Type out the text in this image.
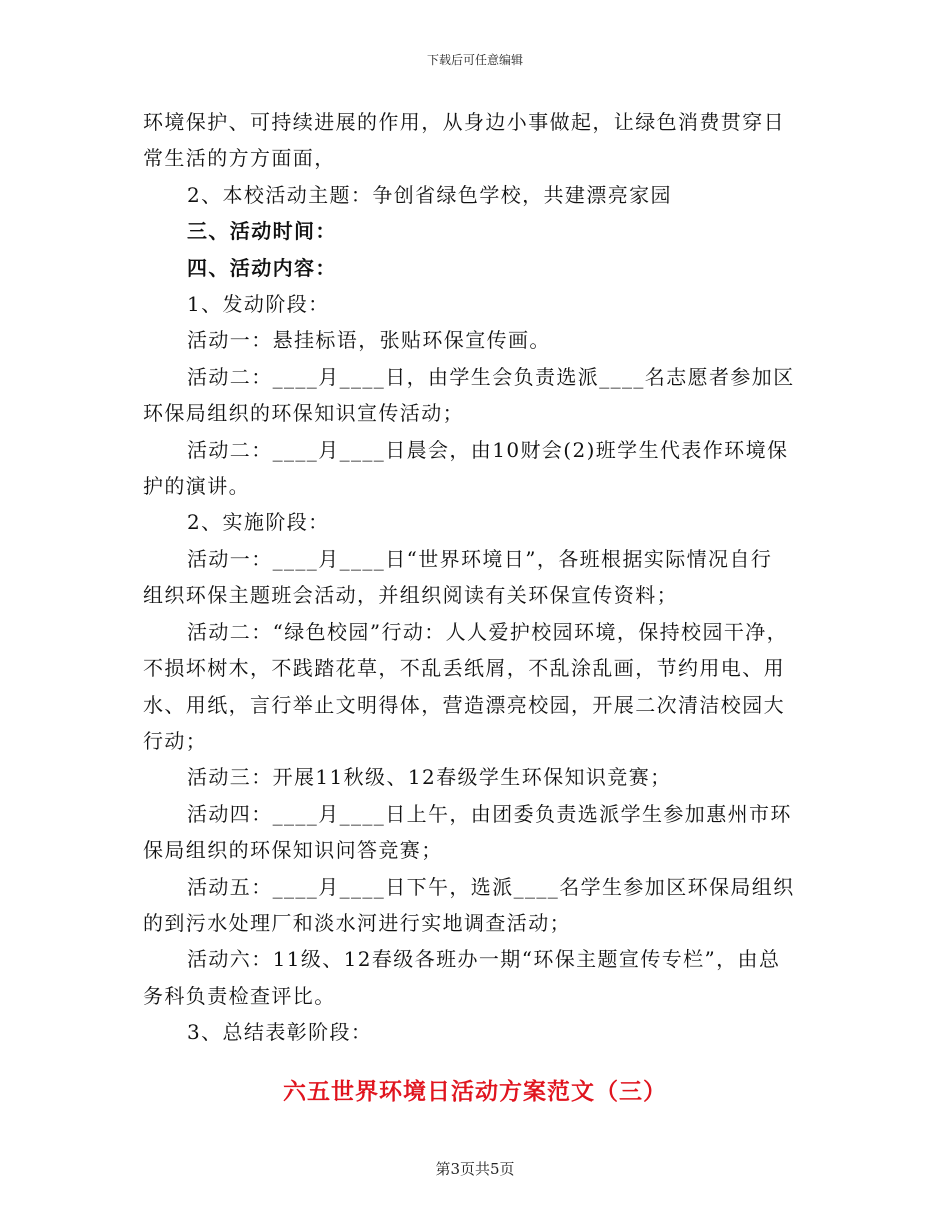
下载后可任意编辑

环境保护、可持续进展的作用，从身边小事做起，让绿色消费贯穿日

常生活的方方面面，

2、本校活动主题：争创省绿色学校，共建漂亮家园

三、活动时间：

四、活动内容：

1、发动阶段：

活动一：悬挂标语，张贴环保宣传画。

活动二：____月____日，由学生会负责选派____名志愿者参加区

环保局组织的环保知识宣传活动；

活动二：____月____日晨会，由10财会(2)班学生代表作环境保

护的演讲。

2、实施阶段：

活动一：____月____日“世界环境日”，各班根据实际情况自行

组织环保主题班会活动，并组织阅读有关环保宣传资料；

活动二：“绿色校园”行动：人人爱护校园环境，保持校园干净，

不损坏树木，不践踏花草，不乱丢纸屑，不乱涂乱画，节约用电、用

水、用纸，言行举止文明得体，营造漂亮校园，开展二次清洁校园大

行动；

活动三：开展11秋级、12春级学生环保知识竞赛；

活动四：____月____日上午，由团委负责选派学生参加惠州市环

保局组织的环保知识问答竞赛；

活动五：____月____日下午，选派____名学生参加区环保局组织

的到污水处理厂和淡水河进行实地调查活动；

活动六：11级、12春级各班办一期“环保主题宣传专栏”，由总

务科负责检查评比。

3、总结表彰阶段：

六五世界环境日活动方案范文（三）
第3页共5页
